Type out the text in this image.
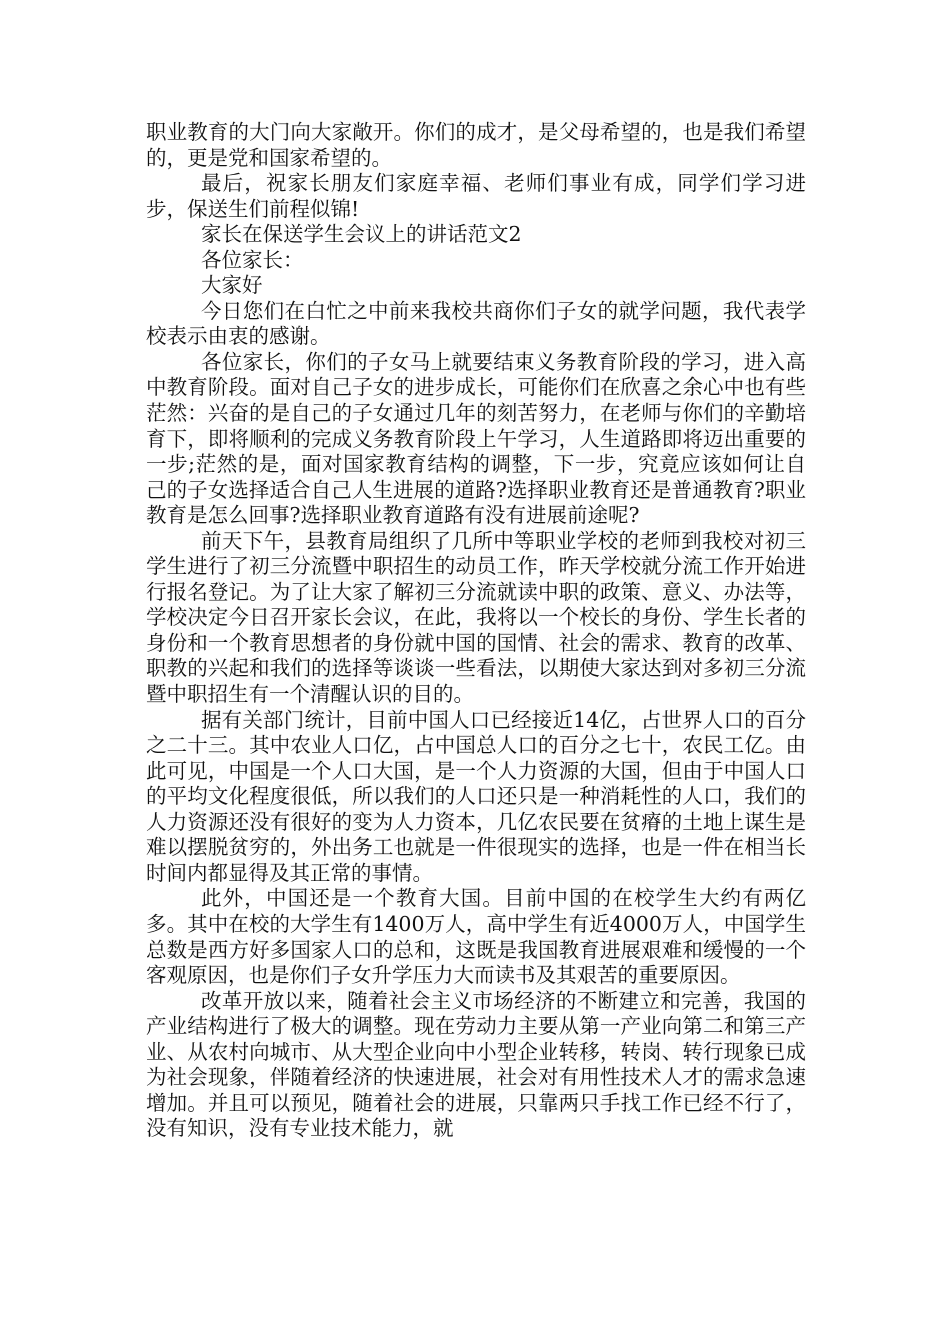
职业教育的大门向大家敞开。你们的成才，是父母希望的，也是我们希望的，更是党和国家希望的。

最后，祝家长朋友们家庭幸福、老师们事业有成，同学们学习进步，保送生们前程似锦!

家长在保送学生会议上的讲话范文2

各位家长：

大家好

今日您们在白忙之中前来我校共商你们子女的就学问题，我代表学校表示由衷的感谢。

各位家长，你们的子女马上就要结束义务教育阶段的学习，进入高中教育阶段。面对自己子女的进步成长，可能你们在欣喜之余心中也有些茫然：兴奋的是自己的子女通过几年的刻苦努力，在老师与你们的辛勤培育下，即将顺利的完成义务教育阶段上午学习，人生道路即将迈出重要的一步;茫然的是，面对国家教育结构的调整，下一步，究竟应该如何让自己的子女选择适合自己人生进展的道路?选择职业教育还是普通教育?职业教育是怎么回事?选择职业教育道路有没有进展前途呢?

前天下午，县教育局组织了几所中等职业学校的老师到我校对初三学生进行了初三分流暨中职招生的动员工作，昨天学校就分流工作开始进行报名登记。为了让大家了解初三分流就读中职的政策、意义、办法等，学校决定今日召开家长会议，在此，我将以一个校长的身份、学生长者的身份和一个教育思想者的身份就中国的国情、社会的需求、教育的改革、职教的兴起和我们的选择等谈谈一些看法，以期使大家达到对多初三分流暨中职招生有一个清醒认识的目的。

据有关部门统计，目前中国人口已经接近14亿，占世界人口的百分之二十三。其中农业人口亿，占中国总人口的百分之七十，农民工亿。由此可见，中国是一个人口大国，是一个人力资源的大国，但由于中国人口的平均文化程度很低，所以我们的人口还只是一种消耗性的人口，我们的人力资源还没有很好的变为人力资本，几亿农民要在贫瘠的土地上谋生是难以摆脱贫穷的，外出务工也就是一件很现实的选择，也是一件在相当长时间内都显得及其正常的事情。

此外，中国还是一个教育大国。目前中国的在校学生大约有两亿多。其中在校的大学生有1400万人，高中学生有近4000万人，中国学生总数是西方好多国家人口的总和，这既是我国教育进展艰难和缓慢的一个客观原因，也是你们子女升学压力大而读书及其艰苦的重要原因。

改革开放以来，随着社会主义市场经济的不断建立和完善，我国的产业结构进行了极大的调整。现在劳动力主要从第一产业向第二和第三产业、从农村向城市、从大型企业向中小型企业转移，转岗、转行现象已成为社会现象，伴随着经济的快速进展，社会对有用性技术人才的需求急速增加。并且可以预见，随着社会的进展，只靠两只手找工作已经不行了，没有知识，没有专业技术能力，就
